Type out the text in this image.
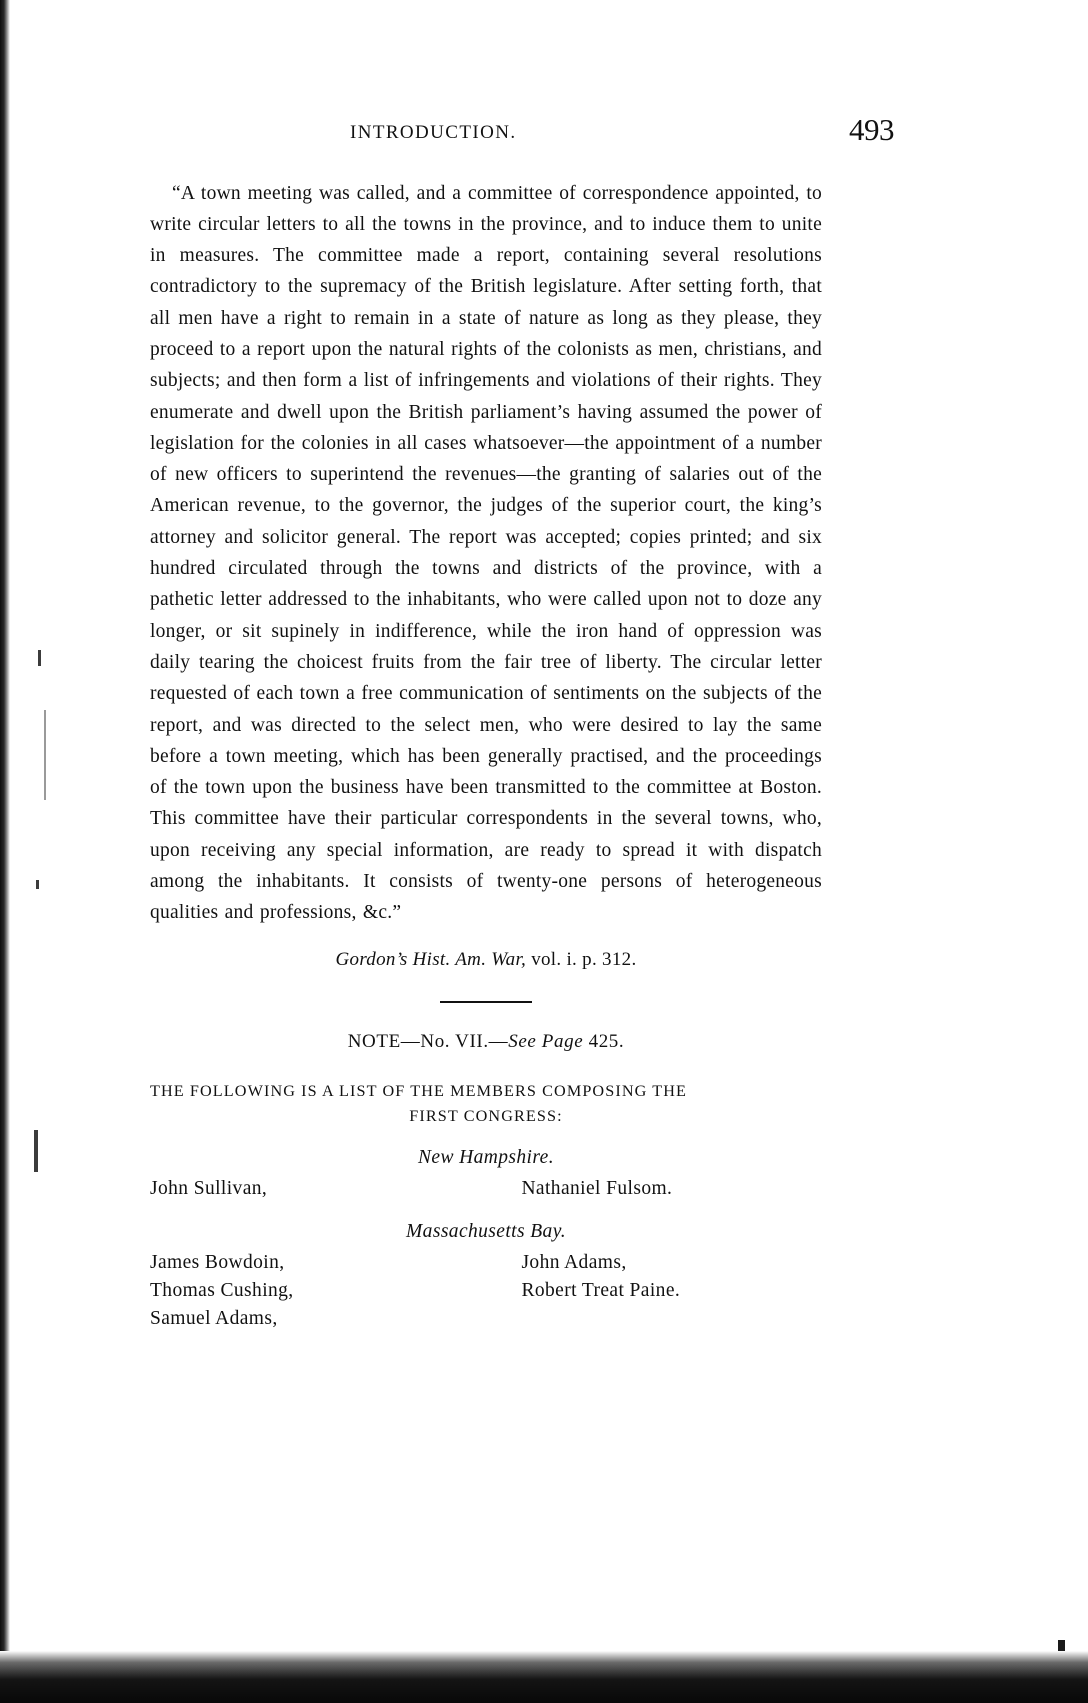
INTRODUCTION.	493

“A town meeting was called, and a committee of correspondence appointed, to write circular letters to all the towns in the province, and to induce them to unite in measures. The committee made a report, containing several resolutions contradictory to the supremacy of the British legislature. After setting forth, that all men have a right to remain in a state of nature as long as they please, they proceed to a report upon the natural rights of the colonists as men, christians, and subjects; and then form a list of infringements and violations of their rights. They enumerate and dwell upon the British parliament’s having assumed the power of legislation for the colonies in all cases whatsoever—the appointment of a number of new officers to superintend the revenues—the granting of salaries out of the American revenue, to the governor, the judges of the superior court, the king’s attorney and solicitor general. The report was accepted; copies printed; and six hundred circulated through the towns and districts of the province, with a pathetic letter addressed to the inhabitants, who were called upon not to doze any longer, or sit supinely in indifference, while the iron hand of oppression was daily tearing the choicest fruits from the fair tree of liberty. The circular letter requested of each town a free communication of sentiments on the subjects of the report, and was directed to the select men, who were desired to lay the same before a town meeting, which has been generally practised, and the proceedings of the town upon the business have been transmitted to the committee at Boston. This committee have their particular correspondents in the several towns, who, upon receiving any special information, are ready to spread it with dispatch among the inhabitants. It consists of twenty-one persons of heterogeneous qualities and professions, &c.”

Gordon’s Hist. Am. War, vol. i. p. 312.
NOTE—No. VII.—See Page 425.
THE FOLLOWING IS A LIST OF THE MEMBERS COMPOSING THE
FIRST CONGRESS:
New Hampshire.
John Sullivan,	Nathaniel Fulsom.
Massachusetts Bay.
James Bowdoin,	John Adams,
Thomas Cushing,	Robert Treat Paine.
Samuel Adams,	
